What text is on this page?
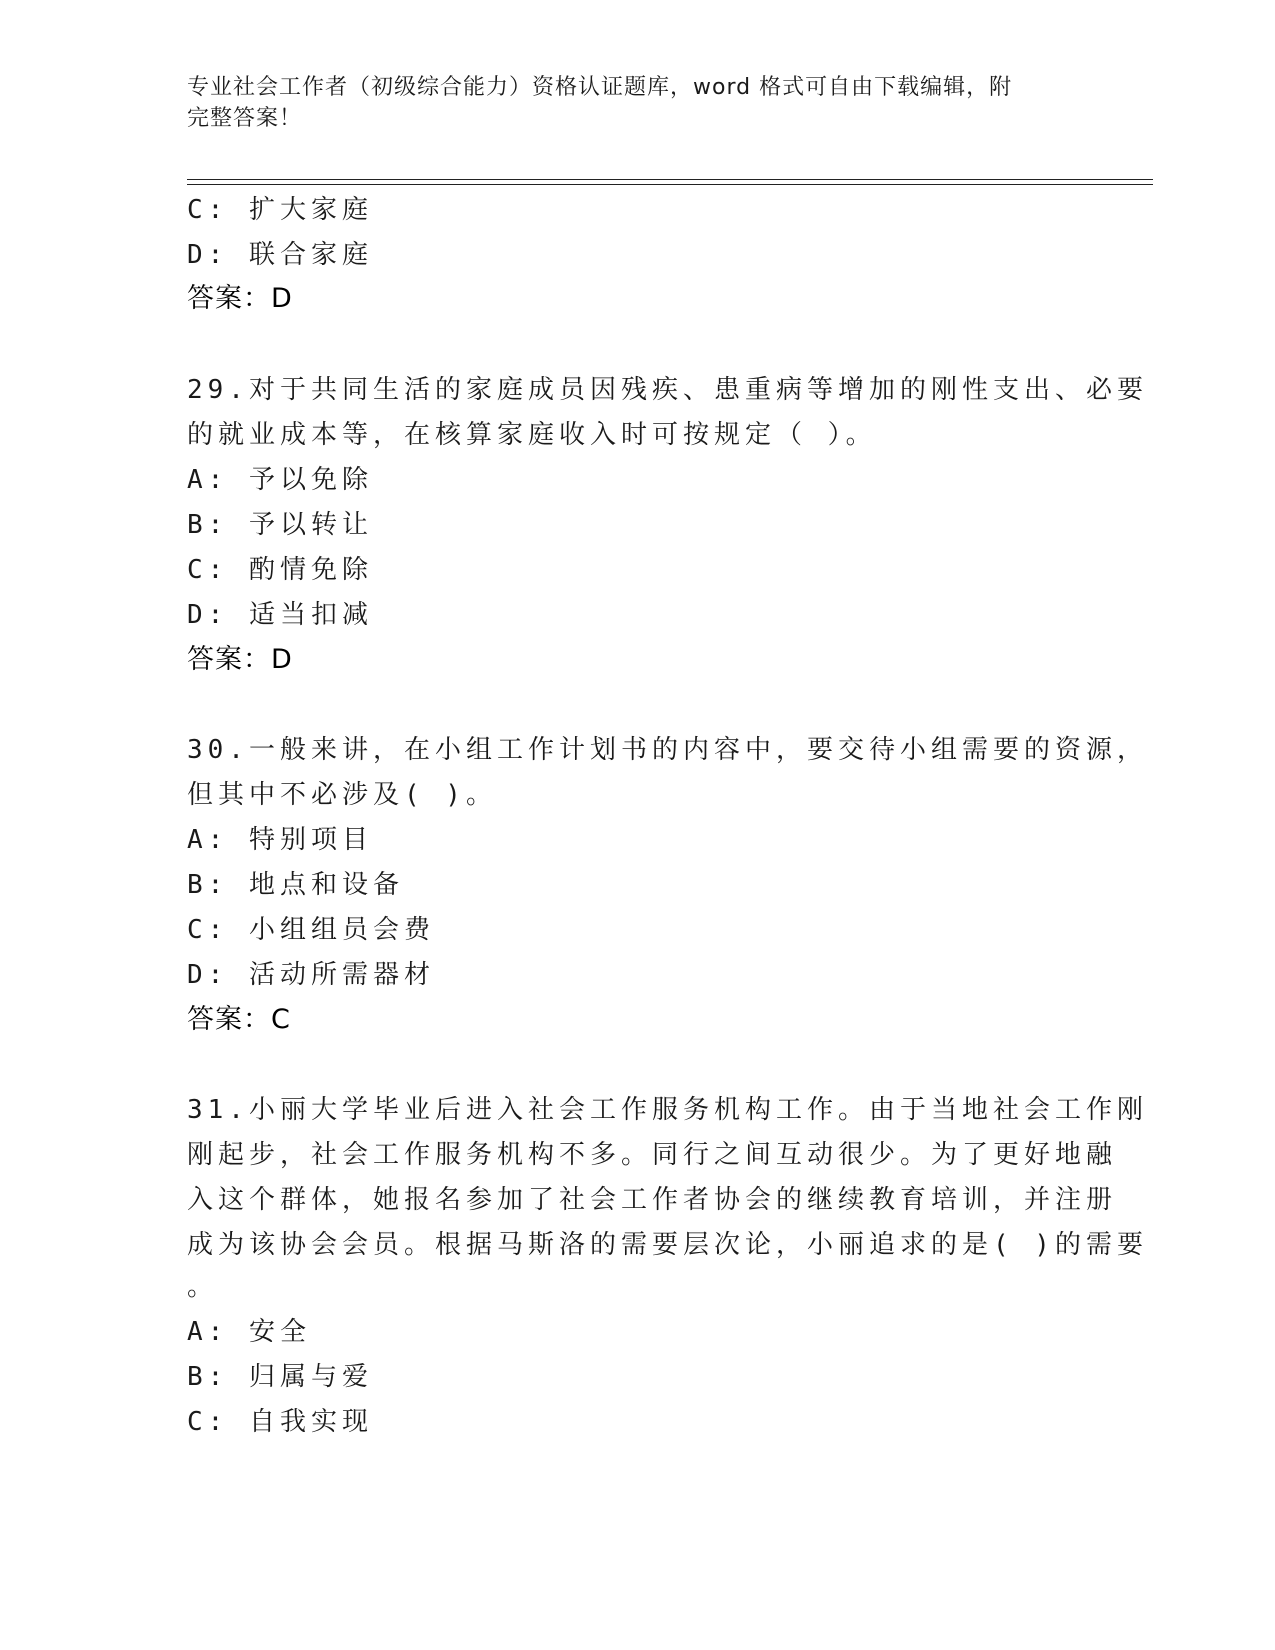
专业社会工作者（初级综合能力）资格认证题库，word 格式可自由下载编辑，附
完整答案！
C: 扩大家庭
D: 联合家庭
答案：D
29.对于共同生活的家庭成员因残疾、患重病等增加的刚性支出、必要
的就业成本等，在核算家庭收入时可按规定（ ）。
A: 予以免除
B: 予以转让
C: 酌情免除
D: 适当扣减
答案：D
30.一般来讲，在小组工作计划书的内容中，要交待小组需要的资源，
但其中不必涉及( )。
A: 特别项目
B: 地点和设备
C: 小组组员会费
D: 活动所需器材
答案：C
31.小丽大学毕业后进入社会工作服务机构工作。由于当地社会工作刚
刚起步，社会工作服务机构不多。同行之间互动很少。为了更好地融
入这个群体，她报名参加了社会工作者协会的继续教育培训，并注册
成为该协会会员。根据马斯洛的需要层次论，小丽追求的是( )的需要
。
A: 安全
B: 归属与爱
C: 自我实现
